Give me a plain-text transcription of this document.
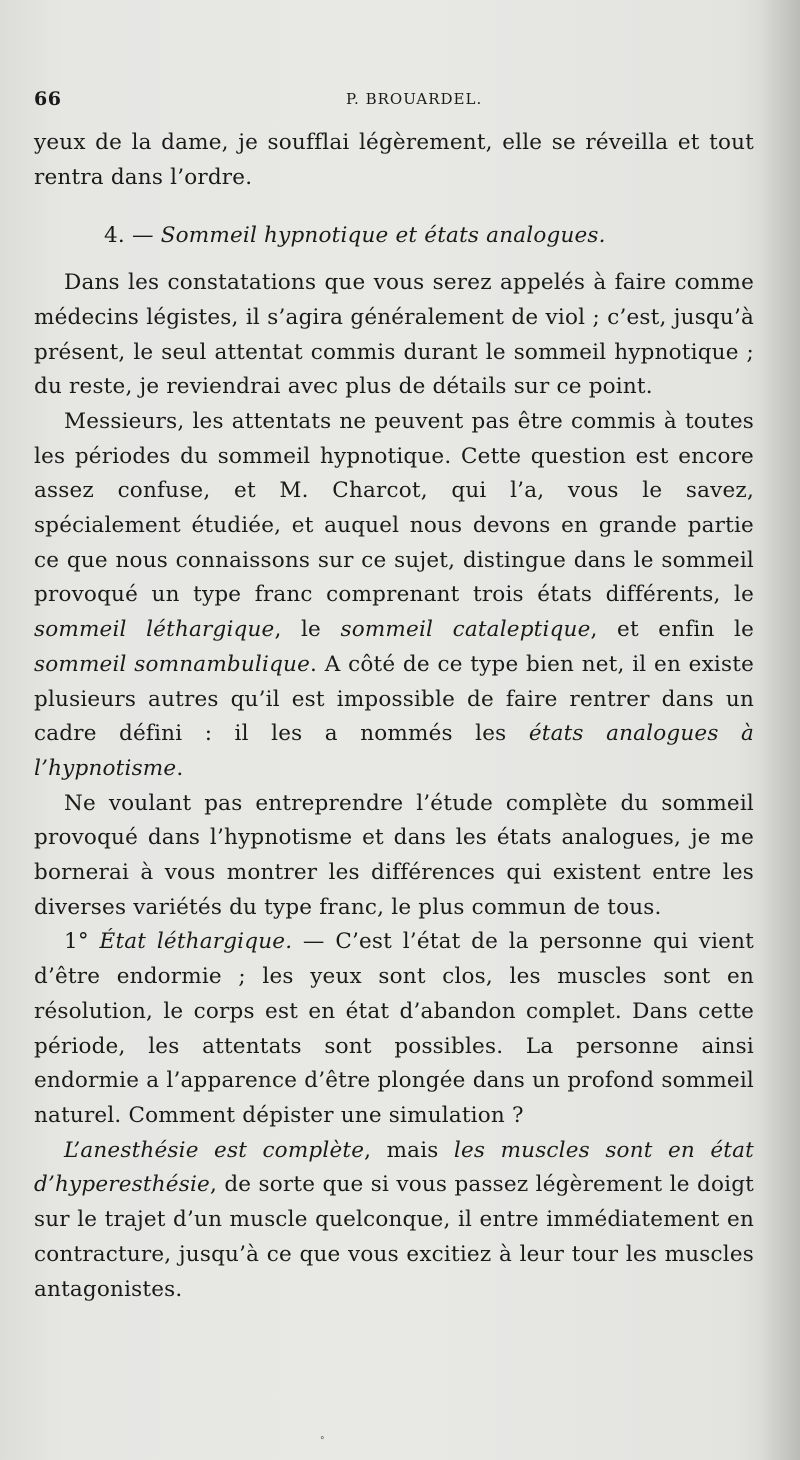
66	P. BROUARDEL.

yeux de la dame, je soufflai légèrement, elle se réveilla et tout rentra dans l’ordre.

4. — Sommeil hypnotique et états analogues.

Dans les constatations que vous serez appelés à faire comme médecins légistes, il s’agira généralement de viol ; c’est, jusqu’à présent, le seul attentat commis durant le sommeil hypnotique ; du reste, je reviendrai avec plus de détails sur ce point.

Messieurs, les attentats ne peuvent pas être commis à toutes les périodes du sommeil hypnotique. Cette question est encore assez confuse, et M. Charcot, qui l’a, vous le savez, spécialement étudiée, et auquel nous devons en grande partie ce que nous connaissons sur ce sujet, distingue dans le sommeil provoqué un type franc comprenant trois états différents, le sommeil léthargique, le sommeil cataleptique, et enfin le sommeil somnambulique. A côté de ce type bien net, il en existe plusieurs autres qu’il est impossible de faire rentrer dans un cadre défini : il les a nommés les états analogues à l’hypnotisme.

Ne voulant pas entreprendre l’étude complète du sommeil provoqué dans l’hypnotisme et dans les états analogues, je me bornerai à vous montrer les différences qui existent entre les diverses variétés du type franc, le plus commun de tous.

1° État léthargique. — C’est l’état de la personne qui vient d’être endormie ; les yeux sont clos, les muscles sont en résolution, le corps est en état d’abandon complet. Dans cette période, les attentats sont possibles. La personne ainsi endormie a l’apparence d’être plongée dans un profond sommeil naturel. Comment dépister une simulation ?

L’anesthésie est complète, mais les muscles sont en état d’hyperesthésie, de sorte que si vous passez légèrement le doigt sur le trajet d’un muscle quelconque, il entre immédiatement en contracture, jusqu’à ce que vous excitiez à leur tour les muscles antagonistes.

°
